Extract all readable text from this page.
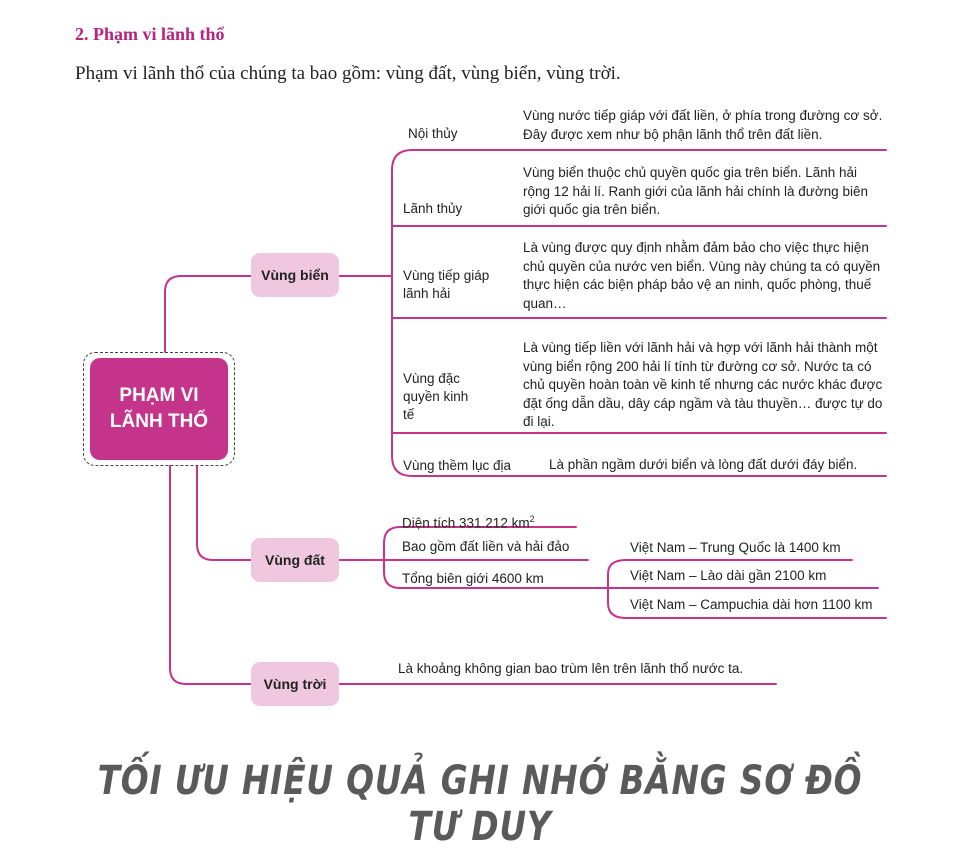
2. Phạm vi lãnh thổ
Phạm vi lãnh thổ của chúng ta bao gồm: vùng đất, vùng biển, vùng trời.
PHẠM VI
LÃNH THỔ
Vùng biển
Vùng đất
Vùng trời
Nội thủy
Vùng nước tiếp giáp với đất liền, ở phía trong đường cơ sở. Đây được xem như bộ phận lãnh thổ trên đất liền.
Lãnh thủy
Vùng biển thuộc chủ quyền quốc gia trên biển. Lãnh hải rộng 12 hải lí. Ranh giới của lãnh hải chính là đường biên giới quốc gia trên biển.
Vùng tiếp giáp lãnh hải
Là vùng được quy định nhằm đảm bảo cho việc thực hiện chủ quyền của nước ven biển. Vùng này chúng ta có quyền thực hiện các biện pháp bảo vệ an ninh, quốc phòng, thuế quan…
Vùng đặc quyền kinh tế
Là vùng tiếp liền với lãnh hải và hợp với lãnh hải thành một vùng biển rộng 200 hải lí tính từ đường cơ sở. Nước ta có chủ quyền hoàn toàn về kinh tế nhưng các nước khác được đặt ống dẫn dầu, dây cáp ngầm và tàu thuyền… được tự do đi lại.
Vùng thềm lục địa	Là phần ngầm dưới biển và lòng đất dưới đáy biển.
Diện tích 331.212 $km^2$
Bao gồm đất liền và hải đảo
Tổng biên giới 4600 km
Việt Nam – Trung Quốc là 1400 km
Việt Nam – Lào dài gần 2100 km
Việt Nam – Campuchia dài hơn 1100 km
Là khoảng không gian bao trùm lên trên lãnh thổ nước ta.
TỐI ƯU HIỆU QUẢ GHI NHỚ BẰNG SƠ ĐỒ TƯ DUY
